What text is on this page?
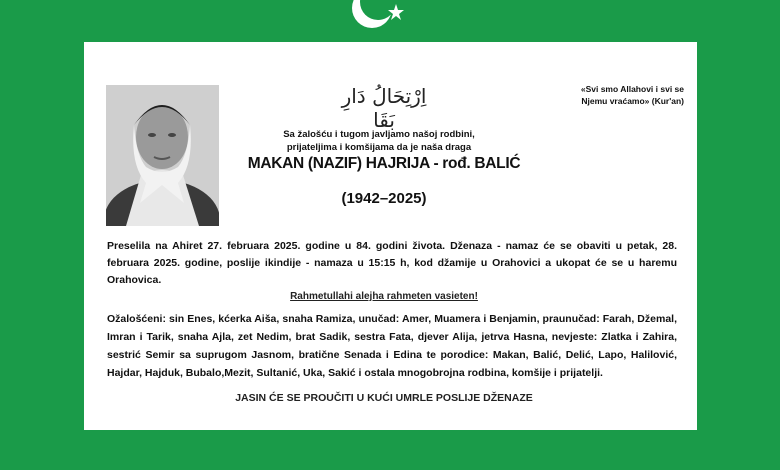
اِرْتِحَالُ دَارِ بَقَا
«Svi smo Allahovi i svi se
Njemu vraćamo» (Kur'an)
Sa žalošću i tugom javljamo našoj rodbini,
prijateljima i komšijama da je naša draga
MAKAN (NAZIF) HAJRIJA - rođ. BALIĆ
(1942–2025)
Preselila na Ahiret 27. februara 2025. godine u 84. godini života. Dženaza - namaz će se obaviti u petak, 28. februara 2025. godine, poslije ikindije - namaza u 15:15 h, kod džamije u Orahovici a ukopat će se u haremu Orahovica.
Rahmetullahi alejha rahmeten vasieten!
Ožalošćeni: sin Enes, kćerka Aiša, snaha Ramiza, unučad: Amer, Muamera i Benjamin, praunučad: Farah, Džemal, Imran i Tarik, snaha Ajla, zet Nedim, brat Sadik, sestra Fata, djever Alija, jetrva Hasna, nevjeste: Zlatka i Zahira, sestrić Semir sa suprugom Jasnom, bratične Senada i Edina te porodice: Makan, Balić, Delić, Lapo, Halilović, Hajdar, Hajduk, Bubalo,Mezit, Sultanić, Uka, Sakić i ostala mnogobrojna rodbina, komšije i prijatelji.
JASIN ĆE SE PROUČITI U KUĆI UMRLE POSLIJE DŽENAZE
